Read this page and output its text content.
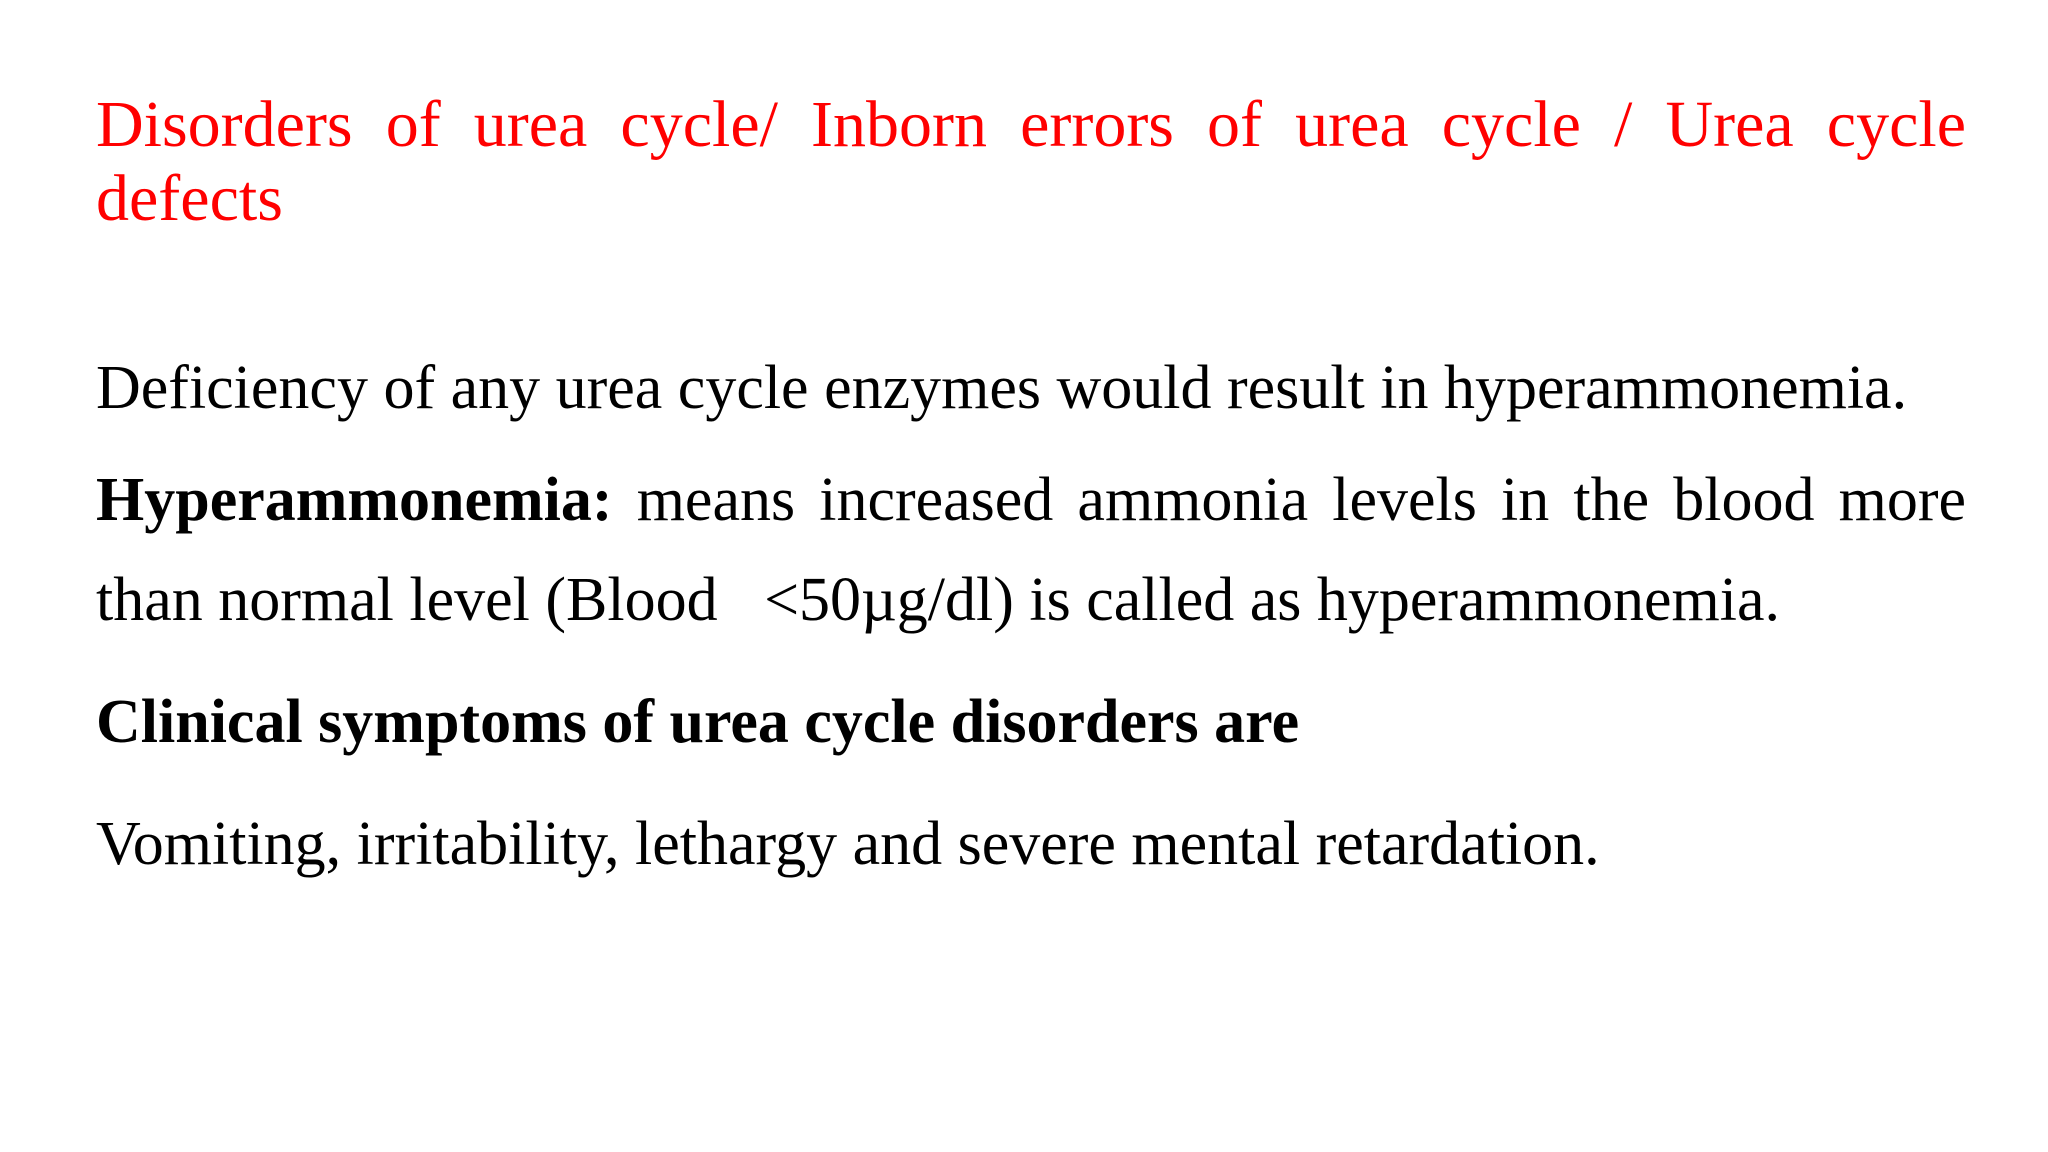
Disorders of urea cycle/ Inborn errors of urea cycle / Urea cycle defects

Deficiency of any urea cycle enzymes would result in hyperammonemia.

Hyperammonemia: means increased ammonia levels in the blood more than normal level (Blood   <50µg/dl) is called as hyperammonemia.

Clinical symptoms of urea cycle disorders are

Vomiting, irritability, lethargy and severe mental retardation.
